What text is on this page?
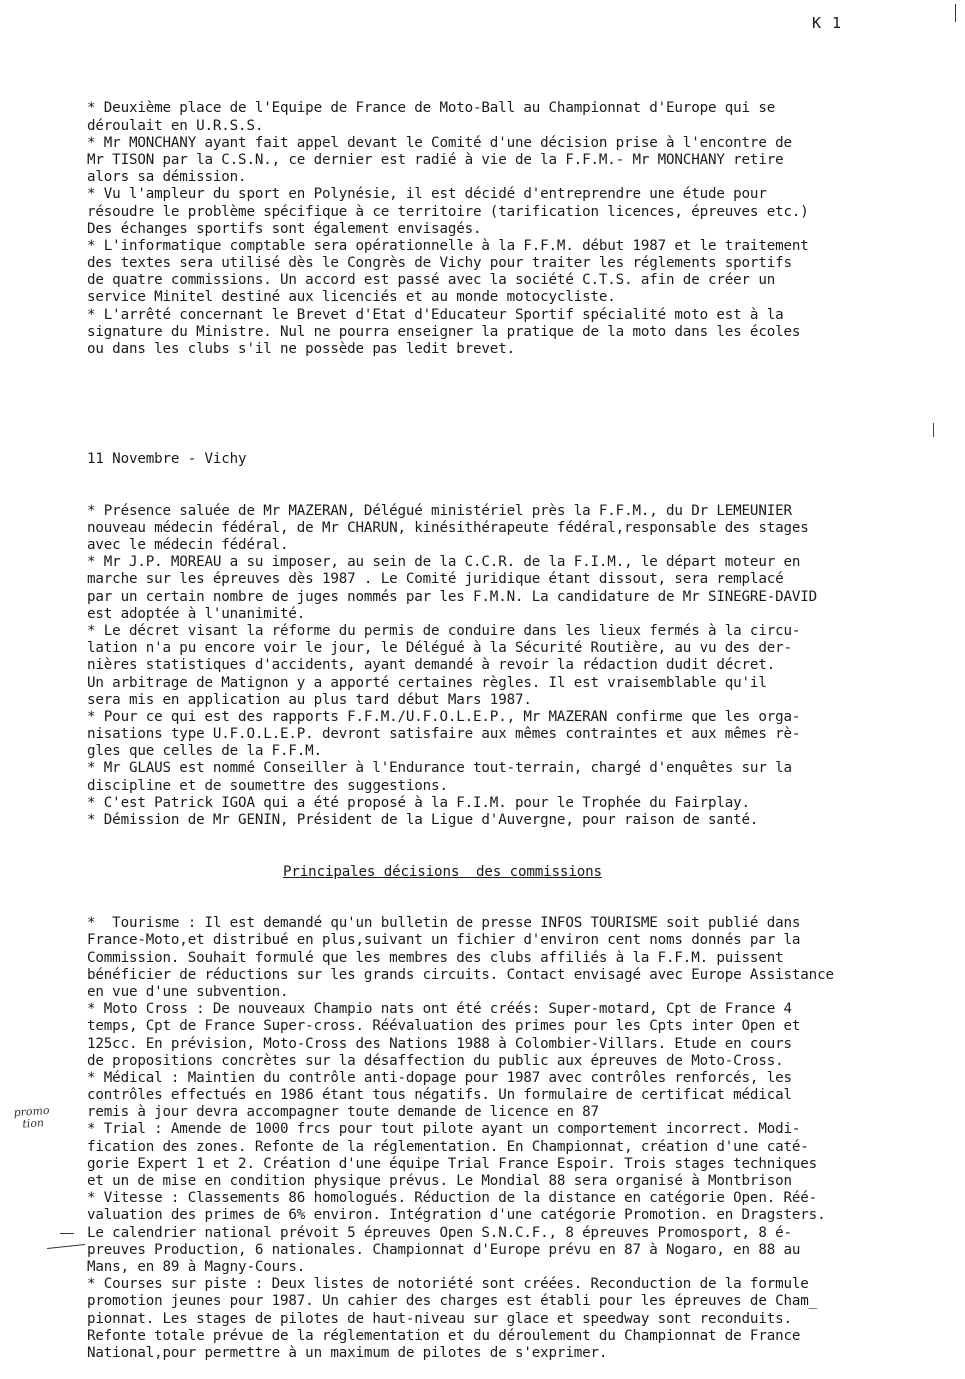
K 1

* Deuxième place de l'Equipe de France de Moto-Ball au Championnat d'Europe qui se
déroulait en U.R.S.S.
* Mr MONCHANY ayant fait appel devant le Comité d'une décision prise à l'encontre de
Mr TISON par la C.S.N., ce dernier est radié à vie de la F.F.M.- Mr MONCHANY retire
alors sa démission.
* Vu l'ampleur du sport en Polynésie, il est décidé d'entreprendre une étude pour
résoudre le problème spécifique à ce territoire (tarification licences, épreuves etc.)
Des échanges sportifs sont également envisagés.
* L'informatique comptable sera opérationnelle à la F.F.M. début 1987 et le traitement
des textes sera utilisé dès le Congrès de Vichy pour traiter les réglements sportifs
de quatre commissions. Un accord est passé avec la société C.T.S. afin de créer un
service Minitel destiné aux licenciés et au monde motocycliste.
* L'arrêté concernant le Brevet d'Etat d'Educateur Sportif spécialité moto est à la
signature du Ministre. Nul ne pourra enseigner la pratique de la moto dans les écoles
ou dans les clubs s'il ne possède pas ledit brevet.

11 Novembre - Vichy

* Présence saluée de Mr MAZERAN, Délégué ministériel près la F.F.M., du Dr LEMEUNIER
nouveau médecin fédéral, de Mr CHARUN, kinésithérapeute fédéral,responsable des stages
avec le médecin fédéral.
* Mr J.P. MOREAU a su imposer, au sein de la C.C.R. de la F.I.M., le départ moteur en
marche sur les épreuves dès 1987 . Le Comité juridique étant dissout, sera remplacé
par un certain nombre de juges nommés par les F.M.N. La candidature de Mr SINEGRE-DAVID
est adoptée à l'unanimité.
* Le décret visant la réforme du permis de conduire dans les lieux fermés à la circu-
lation n'a pu encore voir le jour, le Délégué à la Sécurité Routière, au vu des der-
nières statistiques d'accidents, ayant demandé à revoir la rédaction dudit décret.
Un arbitrage de Matignon y a apporté certaines règles. Il est vraisemblable qu'il
sera mis en application au plus tard début Mars 1987.
* Pour ce qui est des rapports F.F.M./U.F.O.L.E.P., Mr MAZERAN confirme que les orga-
nisations type U.F.O.L.E.P. devront satisfaire aux mêmes contraintes et aux mêmes rè-
gles que celles de la F.F.M.
* Mr GLAUS est nommé Conseiller à l'Endurance tout-terrain, chargé d'enquêtes sur la
discipline et de soumettre des suggestions.
* C'est Patrick IGOA qui a été proposé à la F.I.M. pour le Trophée du Fairplay.
* Démission de Mr GENIN, Président de la Ligue d'Auvergne, pour raison de santé.

Principales décisions  des commissions

*  Tourisme : Il est demandé qu'un bulletin de presse INFOS TOURISME soit publié dans
France-Moto,et distribué en plus,suivant un fichier d'environ cent noms donnés par la
Commission. Souhait formulé que les membres des clubs affiliés à la F.F.M. puissent
bénéficier de réductions sur les grands circuits. Contact envisagé avec Europe Assistance
en vue d'une subvention.
* Moto Cross : De nouveaux Champio nats ont été créés: Super-motard, Cpt de France 4
temps, Cpt de France Super-cross. Réévaluation des primes pour les Cpts inter Open et
125cc. En prévision, Moto-Cross des Nations 1988 à Colombier-Villars. Etude en cours
de propositions concrètes sur la désaffection du public aux épreuves de Moto-Cross.
* Médical : Maintien du contrôle anti-dopage pour 1987 avec contrôles renforcés, les
contrôles effectués en 1986 étant tous négatifs. Un formulaire de certificat médical
remis à jour devra accompagner toute demande de licence en 87
* Trial : Amende de 1000 frcs pour tout pilote ayant un comportement incorrect. Modi-
fication des zones. Refonte de la réglementation. En Championnat, création d'une caté-
gorie Expert 1 et 2. Création d'une équipe Trial France Espoir. Trois stages techniques
et un de mise en condition physique prévus. Le Mondial 88 sera organisé à Montbrison
* Vitesse : Classements 86 homologués. Réduction de la distance en catégorie Open. Réé-
valuation des primes de 6% environ. Intégration d'une catégorie Promotion. en Dragsters.
Le calendrier national prévoit 5 épreuves Open S.N.C.F., 8 épreuves Promosport, 8 é-
preuves Production, 6 nationales. Championnat d'Europe prévu en 87 à Nogaro, en 88 au
Mans, en 89 à Magny-Cours.
* Courses sur piste : Deux listes de notoriété sont créées. Reconduction de la formule
promotion jeunes pour 1987. Un cahier des charges est établi pour les épreuves de Cham_
pionnat. Les stages de pilotes de haut-niveau sur glace et speedway sont reconduits.
Refonte totale prévue de la réglementation et du déroulement du Championnat de France
National,pour permettre à un maximum de pilotes de s'exprimer.

promo
tion
